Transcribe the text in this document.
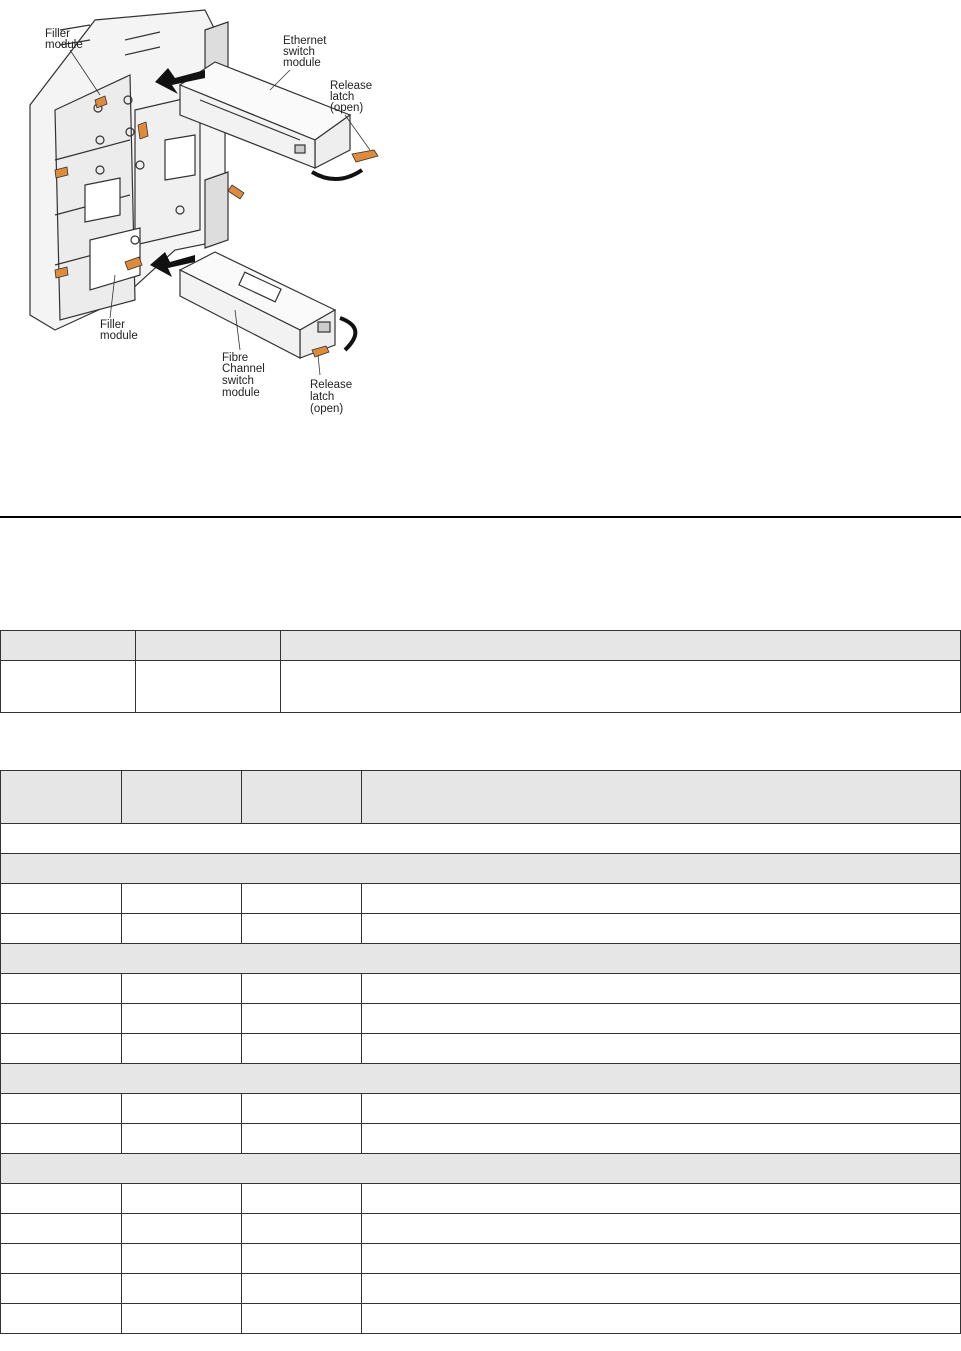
Filler module	Ethernet switch module
Release latch (open)
Filler module
Fibre Channel switch module
Release latch (open)
